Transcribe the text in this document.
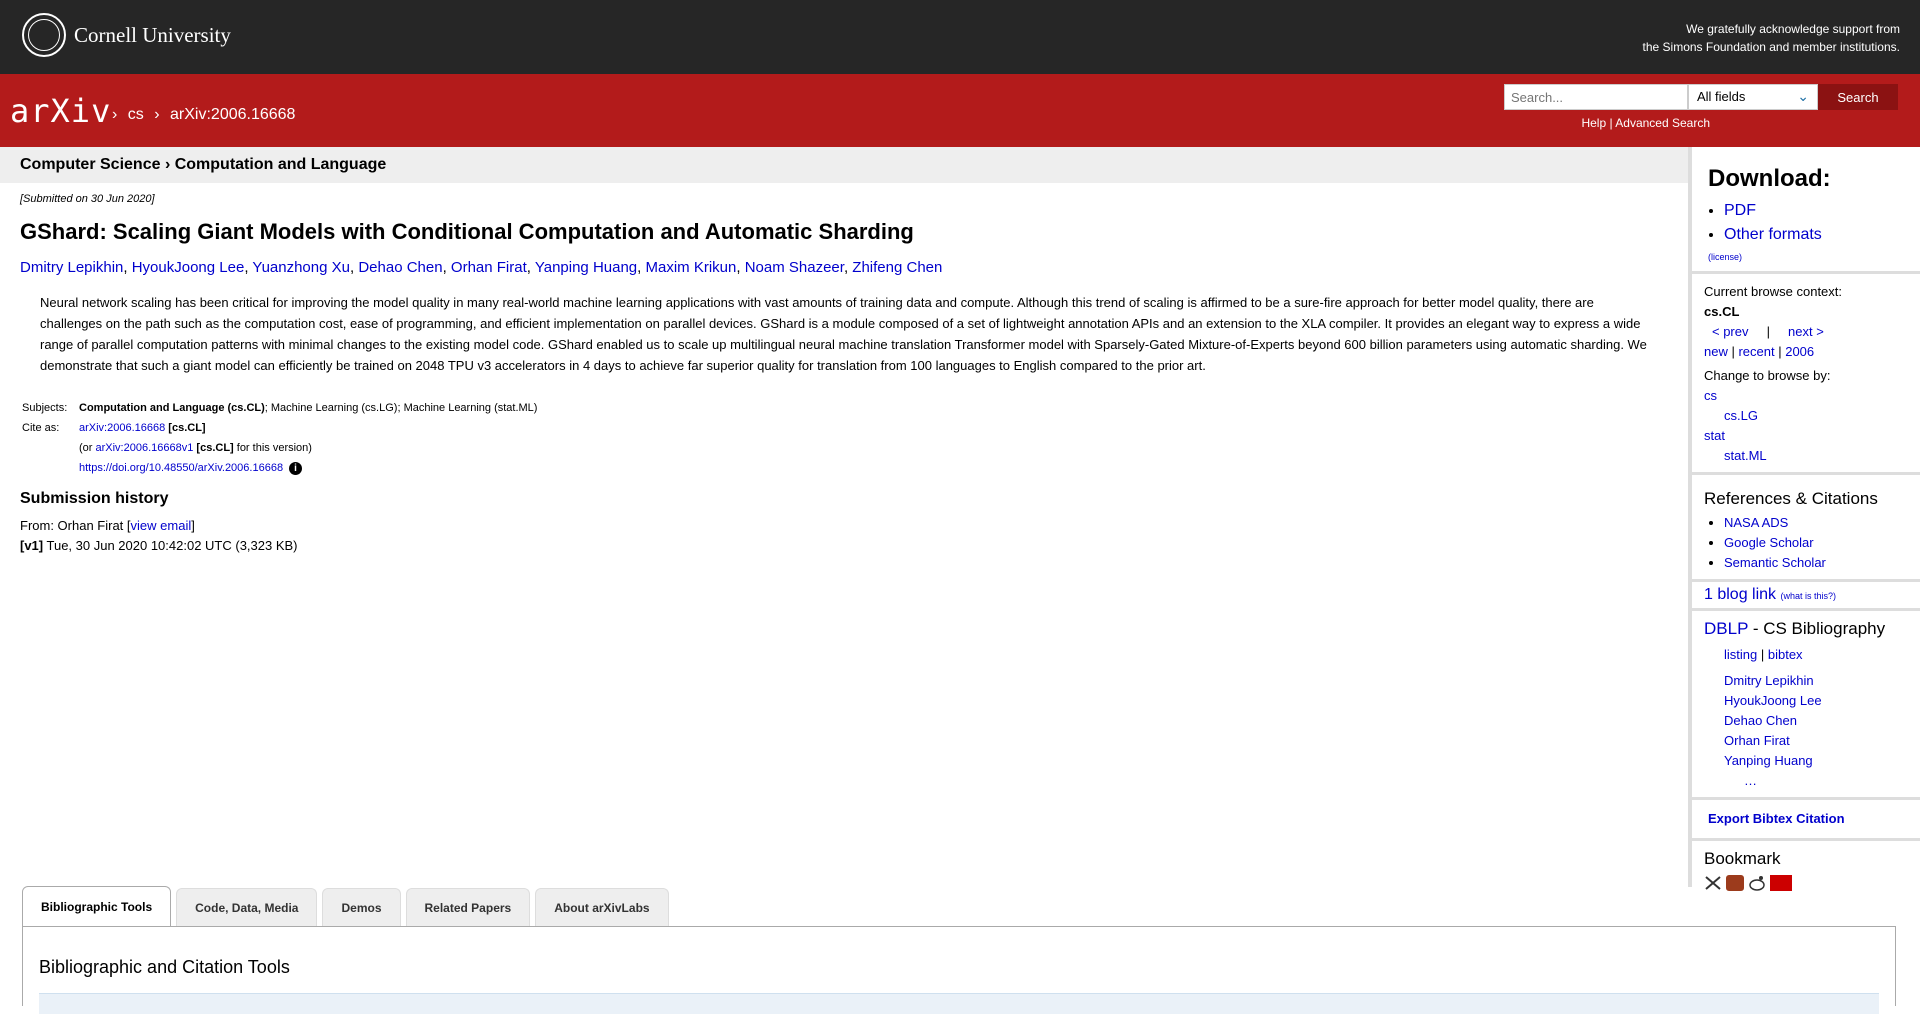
Cornell University	We gratefully acknowledge support from
the Simons Foundation and member institutions.
arXiv › cs › arXiv:2006.16668
Search...
All fields	⌄	Search
Help | Advanced Search
Computer Science › Computation and Language
[Submitted on 30 Jun 2020]
GShard: Scaling Giant Models with Conditional Computation and Automatic Sharding
Dmitry Lepikhin, HyoukJoong Lee, Yuanzhong Xu, Dehao Chen, Orhan Firat, Yanping Huang, Maxim Krikun, Noam Shazeer, Zhifeng Chen
Neural network scaling has been critical for improving the model quality in many real-world machine learning applications with vast amounts of training data and compute. Although this trend of scaling is affirmed to be a sure-fire approach for better model quality, there are challenges on the path such as the computation cost, ease of programming, and efficient implementation on parallel devices. GShard is a module composed of a set of lightweight annotation APIs and an extension to the XLA compiler. It provides an elegant way to express a wide range of parallel computation patterns with minimal changes to the existing model code. GShard enabled us to scale up multilingual neural machine translation Transformer model with Sparsely-Gated Mixture-of-Experts beyond 600 billion parameters using automatic sharding. We demonstrate that such a giant model can efficiently be trained on 2048 TPU v3 accelerators in 4 days to achieve far superior quality for translation from 100 languages to English compared to the prior art.
Subjects:	Computation and Language (cs.CL); Machine Learning (cs.LG); Machine Learning (stat.ML)
Cite as:	arXiv:2006.16668 [cs.CL]
(or arXiv:2006.16668v1 [cs.CL] for this version)
https://doi.org/10.48550/arXiv.2006.16668 i
Submission history
From: Orhan Firat [view email]
[v1] Tue, 30 Jun 2020 10:42:02 UTC (3,323 KB)
Download:
• PDF
• Other formats
(license)
Current browse context:
cs.CL
< prev | next >
new | recent | 2006
Change to browse by:
cs
cs.LG
stat
stat.ML
References & Citations
• NASA ADS
• Google Scholar
• Semantic Scholar
1 blog link (what is this?)
DBLP - CS Bibliography
listing | bibtex
Dmitry Lepikhin
HyoukJoong Lee
Dehao Chen
Orhan Firat
Yanping Huang
…
Export Bibtex Citation
Bookmark
Bibliographic Tools	Code, Data, Media	Demos	Related Papers	About arXivLabs
Bibliographic and Citation Tools
